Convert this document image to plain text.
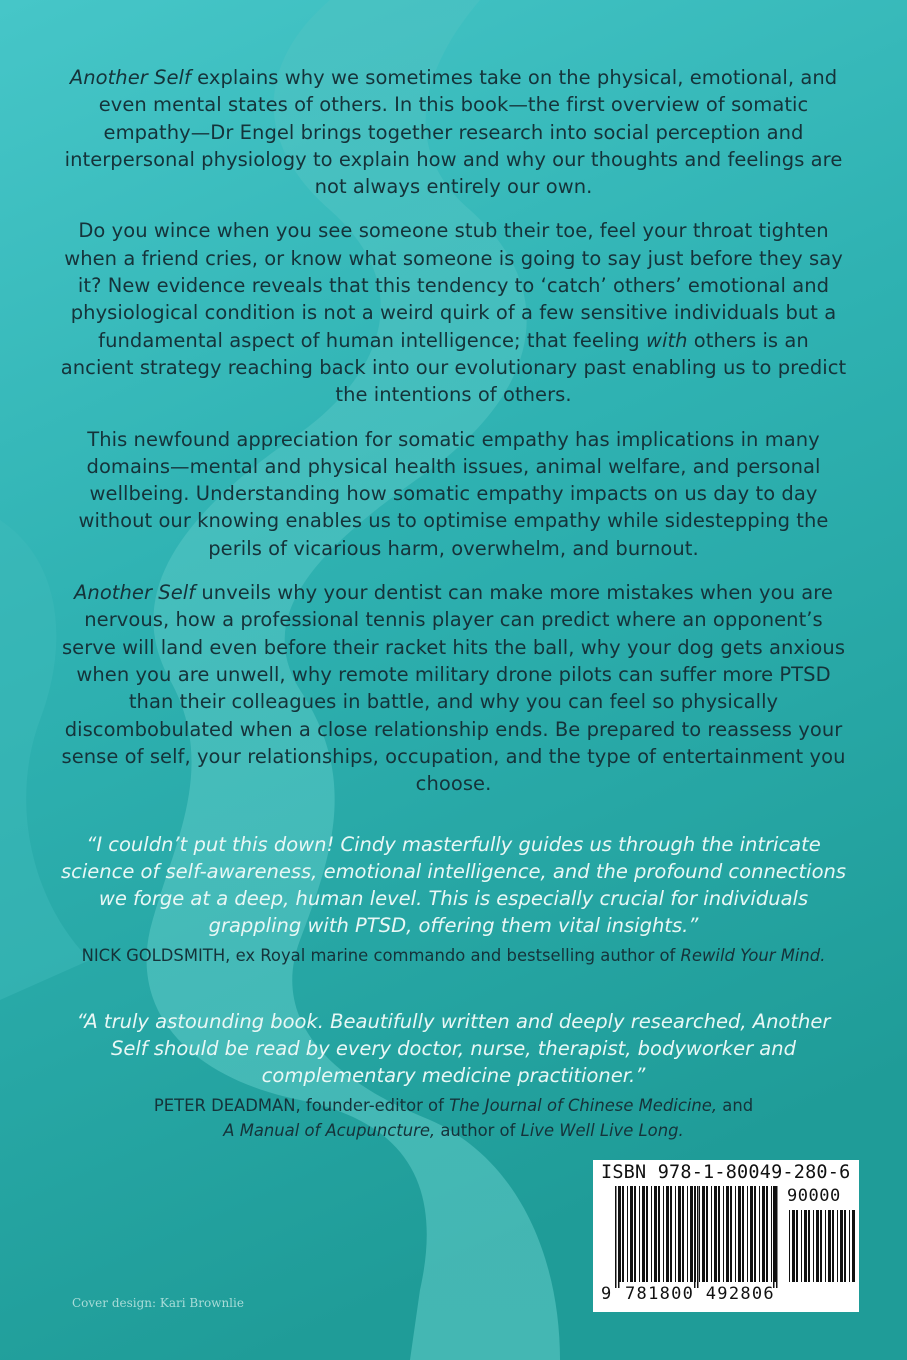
Another Self explains why we sometimes take on the physical, emotional, and even mental states of others. In this book—the first overview of somatic empathy—Dr Engel brings together research into social perception and interpersonal physiology to explain how and why our thoughts and feelings are not always entirely our own.

Do you wince when you see someone stub their toe, feel your throat tighten when a friend cries, or know what someone is going to say just before they say it? New evidence reveals that this tendency to ‘catch’ others’ emotional and physiological condition is not a weird quirk of a few sensitive individuals but a fundamental aspect of human intelligence; that feeling with others is an ancient strategy reaching back into our evolutionary past enabling us to predict the intentions of others.

This newfound appreciation for somatic empathy has implications in many domains—mental and physical health issues, animal welfare, and personal wellbeing. Understanding how somatic empathy impacts on us day to day without our knowing enables us to optimise empathy while sidestepping the perils of vicarious harm, overwhelm, and burnout.

Another Self unveils why your dentist can make more mistakes when you are nervous, how a professional tennis player can predict where an opponent’s serve will land even before their racket hits the ball, why your dog gets anxious when you are unwell, why remote military drone pilots can suffer more PTSD than their colleagues in battle, and why you can feel so physically discombobulated when a close relationship ends. Be prepared to reassess your sense of self, your relationships, occupation, and the type of entertainment you choose.

“I couldn’t put this down! Cindy masterfully guides us through the intricate science of self-awareness, emotional intelligence, and the profound connections we forge at a deep, human level. This is especially crucial for individuals grappling with PTSD, offering them vital insights.”

NICK GOLDSMITH, ex Royal marine commando and bestselling author of Rewild Your Mind.

“A truly astounding book. Beautifully written and deeply researched, Another Self should be read by every doctor, nurse, therapist, bodyworker and complementary medicine practitioner.”

PETER DEADMAN, founder-editor of The Journal of Chinese Medicine, and
A Manual of Acupuncture, author of Live Well Live Long.

ISBN 978-1-80049-280-6
90000
9 781800 492806
Cover design: Kari Brownlie
